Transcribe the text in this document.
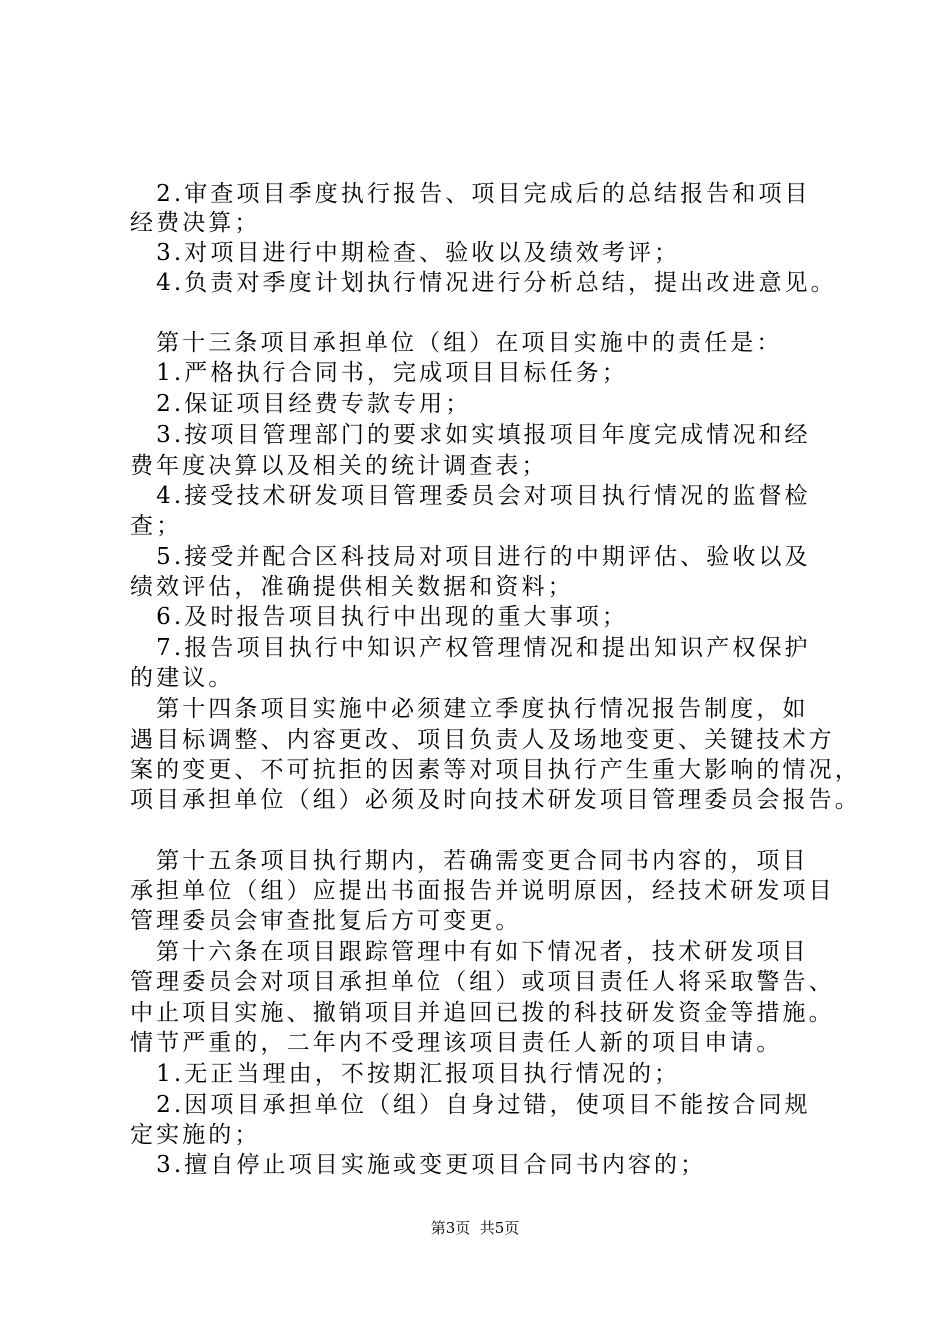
　2.审查项目季度执行报告、项目完成后的总结报告和项目
经费决算；
　3.对项目进行中期检查、验收以及绩效考评；
　4.负责对季度计划执行情况进行分析总结，提出改进意见。
　第十三条项目承担单位（组）在项目实施中的责任是：
　1.严格执行合同书，完成项目目标任务；
　2.保证项目经费专款专用；
　3.按项目管理部门的要求如实填报项目年度完成情况和经
费年度决算以及相关的统计调查表；
　4.接受技术研发项目管理委员会对项目执行情况的监督检
查；
　5.接受并配合区科技局对项目进行的中期评估、验收以及
绩效评估，准确提供相关数据和资料；
　6.及时报告项目执行中出现的重大事项；
　7.报告项目执行中知识产权管理情况和提出知识产权保护
的建议。
　第十四条项目实施中必须建立季度执行情况报告制度，如
遇目标调整、内容更改、项目负责人及场地变更、关键技术方
案的变更、不可抗拒的因素等对项目执行产生重大影响的情况，
项目承担单位（组）必须及时向技术研发项目管理委员会报告。
　第十五条项目执行期内，若确需变更合同书内容的，项目
承担单位（组）应提出书面报告并说明原因，经技术研发项目
管理委员会审查批复后方可变更。
　第十六条在项目跟踪管理中有如下情况者，技术研发项目
管理委员会对项目承担单位（组）或项目责任人将采取警告、
中止项目实施、撤销项目并追回已拨的科技研发资金等措施。
情节严重的，二年内不受理该项目责任人新的项目申请。
　1.无正当理由，不按期汇报项目执行情况的；
　2.因项目承担单位（组）自身过错，使项目不能按合同规
定实施的；
　3.擅自停止项目实施或变更项目合同书内容的；
第3页  共5页
